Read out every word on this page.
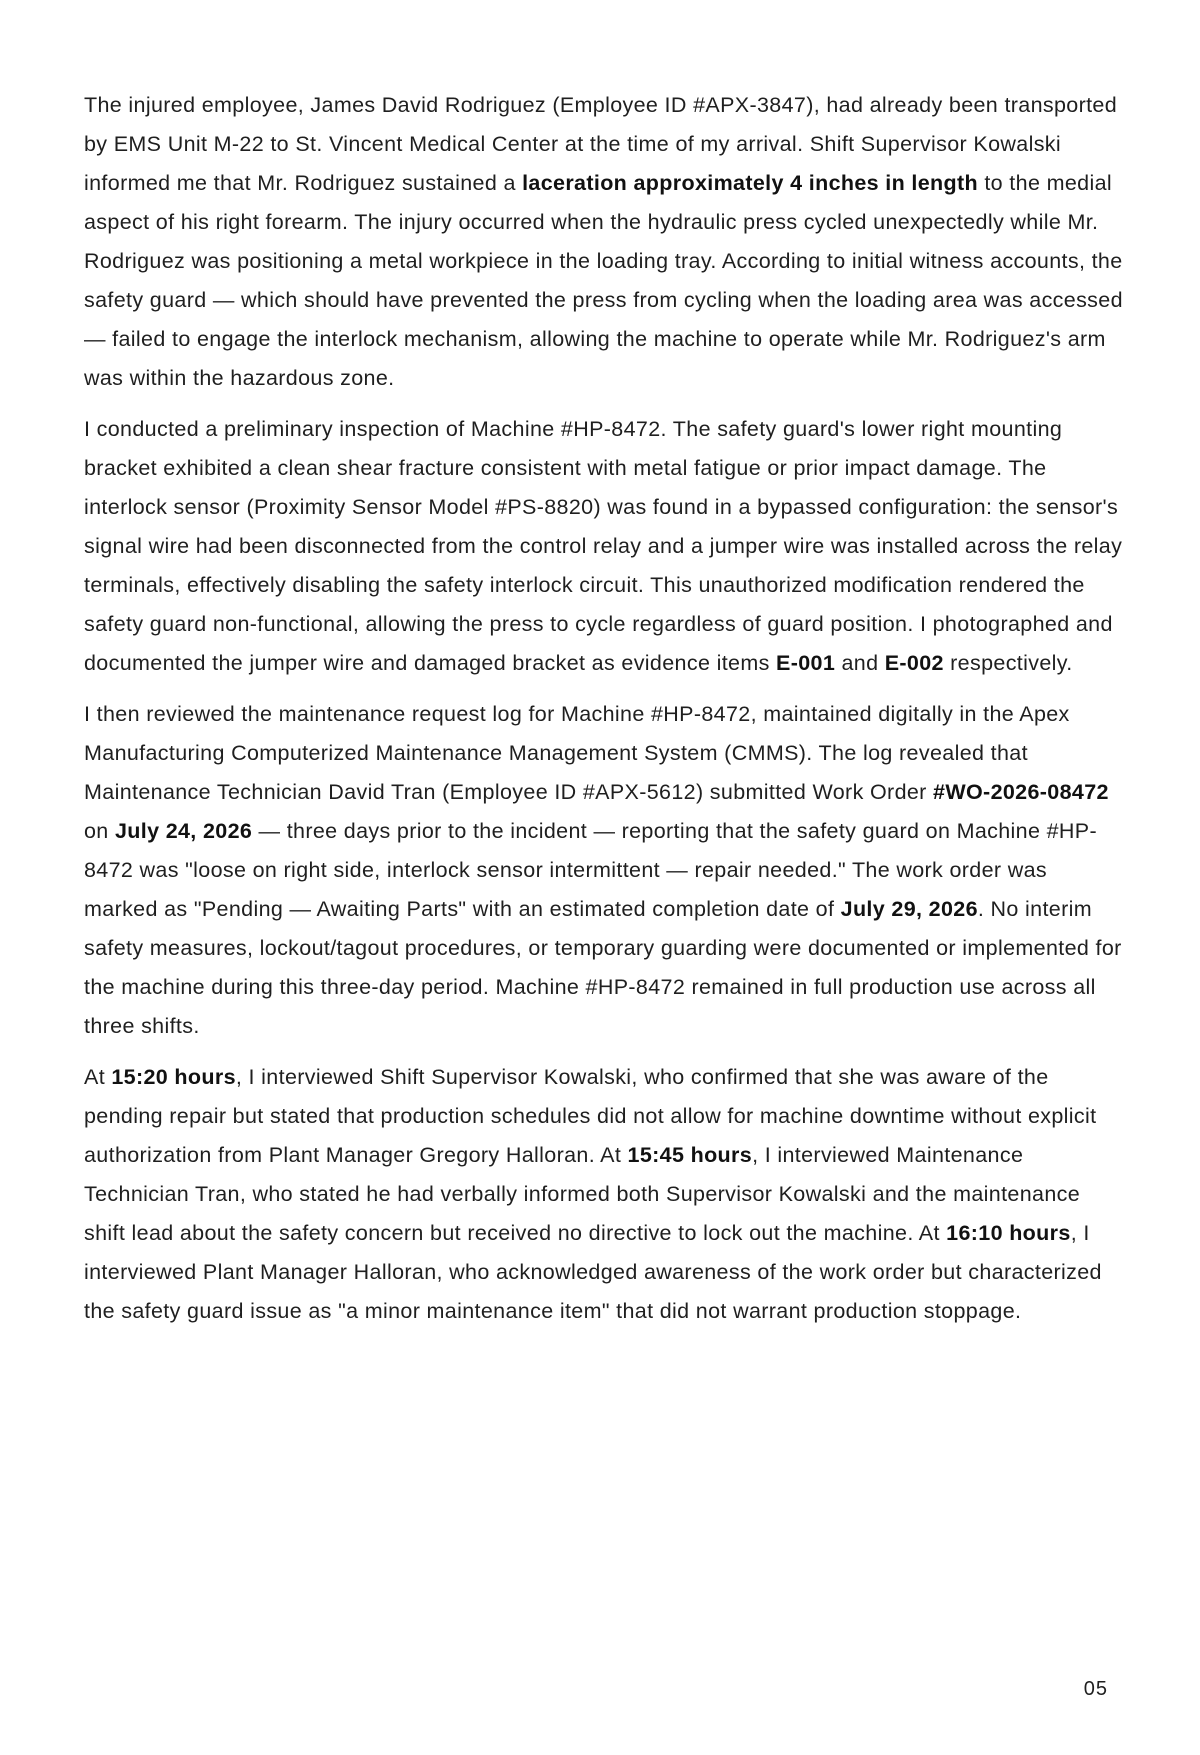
The injured employee, James David Rodriguez (Employee ID #APX-3847), had already been transported by EMS Unit M-22 to St. Vincent Medical Center at the time of my arrival. Shift Supervisor Kowalski informed me that Mr. Rodriguez sustained a laceration approximately 4 inches in length to the medial aspect of his right forearm. The injury occurred when the hydraulic press cycled unexpectedly while Mr. Rodriguez was positioning a metal workpiece in the loading tray. According to initial witness accounts, the safety guard — which should have prevented the press from cycling when the loading area was accessed — failed to engage the interlock mechanism, allowing the machine to operate while Mr. Rodriguez's arm was within the hazardous zone.

I conducted a preliminary inspection of Machine #HP-8472. The safety guard's lower right mounting bracket exhibited a clean shear fracture consistent with metal fatigue or prior impact damage. The interlock sensor (Proximity Sensor Model #PS-8820) was found in a bypassed configuration: the sensor's signal wire had been disconnected from the control relay and a jumper wire was installed across the relay terminals, effectively disabling the safety interlock circuit. This unauthorized modification rendered the safety guard non-functional, allowing the press to cycle regardless of guard position. I photographed and documented the jumper wire and damaged bracket as evidence items E-001 and E-002 respectively.

I then reviewed the maintenance request log for Machine #HP-8472, maintained digitally in the Apex Manufacturing Computerized Maintenance Management System (CMMS). The log revealed that Maintenance Technician David Tran (Employee ID #APX-5612) submitted Work Order #WO-2026-08472 on July 24, 2026 — three days prior to the incident — reporting that the safety guard on Machine #HP-8472 was "loose on right side, interlock sensor intermittent — repair needed." The work order was marked as "Pending — Awaiting Parts" with an estimated completion date of July 29, 2026. No interim safety measures, lockout/tagout procedures, or temporary guarding were documented or implemented for the machine during this three-day period. Machine #HP-8472 remained in full production use across all three shifts.

At 15:20 hours, I interviewed Shift Supervisor Kowalski, who confirmed that she was aware of the pending repair but stated that production schedules did not allow for machine downtime without explicit authorization from Plant Manager Gregory Halloran. At 15:45 hours, I interviewed Maintenance Technician Tran, who stated he had verbally informed both Supervisor Kowalski and the maintenance shift lead about the safety concern but received no directive to lock out the machine. At 16:10 hours, I interviewed Plant Manager Halloran, who acknowledged awareness of the work order but characterized the safety guard issue as "a minor maintenance item" that did not warrant production stoppage.

05
